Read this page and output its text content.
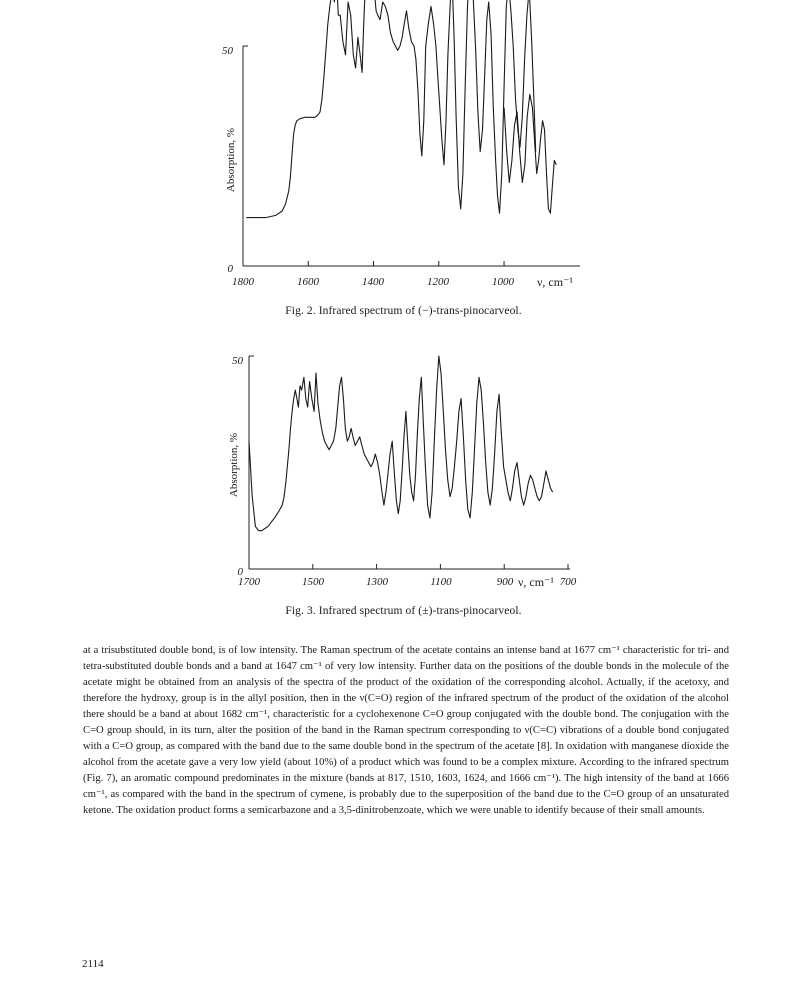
50
0
Absorption, %
1800	1600	1400	1200	1000 ν, cm⁻¹
Fig. 2. Infrared spectrum of (−)-trans-pinocarveol.
50
0
Absorption, %
1700	1500	1300	1100	900 ν, cm⁻¹ 700
Fig. 3. Infrared spectrum of (±)-trans-pinocarveol.

at a trisubstituted double bond, is of low intensity. The Raman spectrum of the acetate contains an intense band at 1677 cm⁻¹ characteristic for tri- and tetra-substituted double bonds and a band at 1647 cm⁻¹ of very low intensity. Further data on the positions of the double bonds in the molecule of the acetate might be obtained from an analysis of the spectra of the product of the oxidation of the corresponding alcohol. Actually, if the acetoxy, and therefore the hydroxy, group is in the allyl position, then in the ν(C=O) region of the infrared spectrum of the product of the oxidation of the alcohol there should be a band at about 1682 cm⁻¹, characteristic for a cyclohexenone C=O group conjugated with the double bond. The conjugation with the C=O group should, in its turn, alter the position of the band in the Raman spectrum corresponding to ν(C=C) vibrations of a double bond conjugated with a C=O group, as compared with the band due to the same double bond in the spectrum of the acetate [8]. In oxidation with manganese dioxide the alcohol from the acetate gave a very low yield (about 10%) of a product which was found to be a complex mixture. According to the infrared spectrum (Fig. 7), an aromatic compound predominates in the mixture (bands at 817, 1510, 1603, 1624, and 1666 cm⁻¹). The high intensity of the band at 1666 cm⁻¹, as compared with the band in the spectrum of cymene, is probably due to the superposition of the band due to the C=O group of an unsaturated ketone. The oxidation product forms a semicarbazone and a 3,5-dinitrobenzoate, which we were unable to identify because of their small amounts.

2114
